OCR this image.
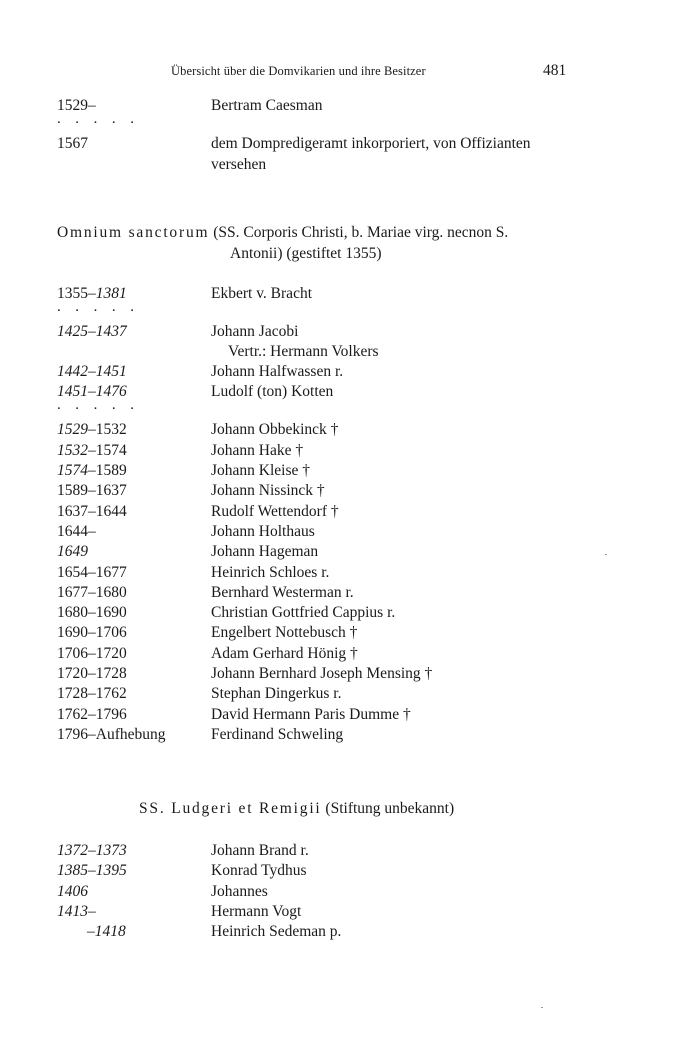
Übersicht über die Domvikarien und ihre Besitzer	481
1529–	Bertram Caesman
. . . . .
1567	dem Dompredigeramt inkorporiert, von Offizianten
versehen
Omnium sanctorum (SS. Corporis Christi, b. Mariae virg. necnon S.
Antonii) (gestiftet 1355)
1355–1381	Ekbert v. Bracht
. . . . .
1425–1437	Johann Jacobi
Vertr.: Hermann Volkers
1442–1451	Johann Halfwassen r.
1451–1476	Ludolf (ton) Kotten
. . . . .
1529–1532	Johann Obbekinck †
1532–1574	Johann Hake †
1574–1589	Johann Kleise †
1589–1637	Johann Nissinck †
1637–1644	Rudolf Wettendorf †
1644–	Johann Holthaus
1649	Johann Hageman
1654–1677	Heinrich Schloes r.
1677–1680	Bernhard Westerman r.
1680–1690	Christian Gottfried Cappius r.
1690–1706	Engelbert Nottebusch †
1706–1720	Adam Gerhard Hönig †
1720–1728	Johann Bernhard Joseph Mensing †
1728–1762	Stephan Dingerkus r.
1762–1796	David Hermann Paris Dumme †
1796–Aufhebung	Ferdinand Schweling
SS. Ludgeri et Remigii (Stiftung unbekannt)
1372–1373	Johann Brand r.
1385–1395	Konrad Tydhus
1406	Johannes
1413–	Hermann Vogt
–1418	Heinrich Sedeman p.
